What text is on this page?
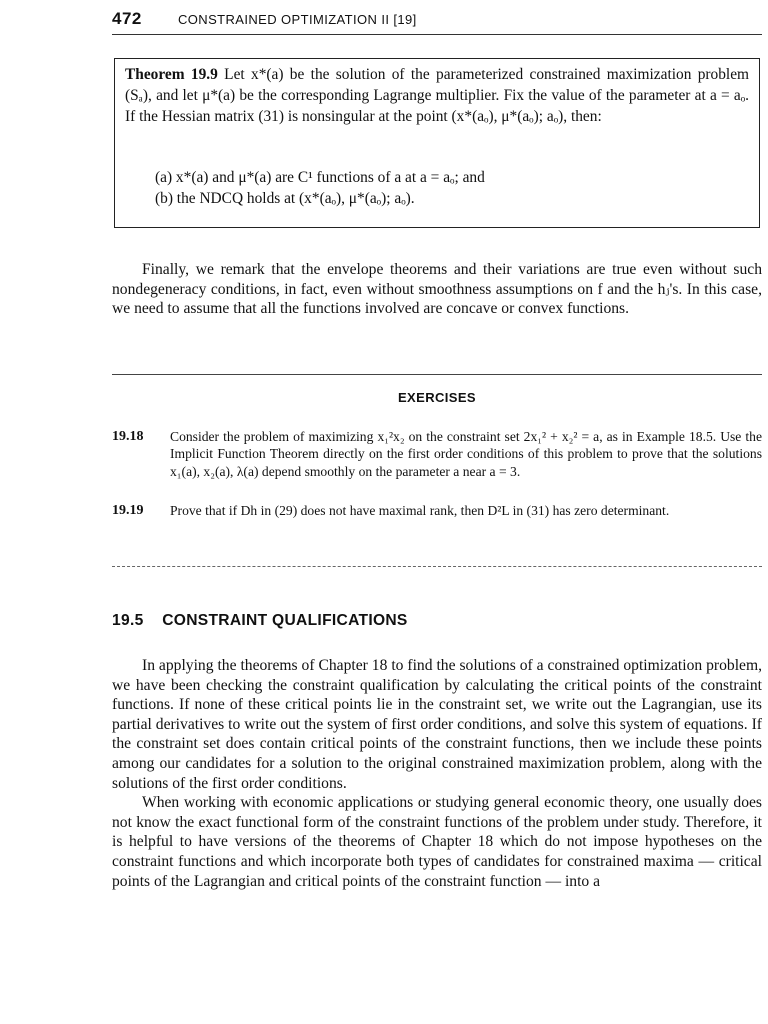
472	CONSTRAINED OPTIMIZATION II [19]
Theorem 19.9 Let x*(a) be the solution of the parameterized constrained maximization problem (Sₐ), and let μ*(a) be the corresponding Lagrange multiplier. Fix the value of the parameter at a = aₒ. If the Hessian matrix (31) is nonsingular at the point (x*(aₒ), μ*(aₒ); aₒ), then:
(a) x*(a) and μ*(a) are C¹ functions of a at a = aₒ; and
(b) the NDCQ holds at (x*(aₒ), μ*(aₒ); aₒ).

Finally, we remark that the envelope theorems and their variations are true even without such nondegeneracy conditions, in fact, even without smoothness assumptions on f and the hⱼ's. In this case, we need to assume that all the functions involved are concave or convex functions.

EXERCISES
19.18 Consider the problem of maximizing x₁²x₂ on the constraint set 2x₁² + x₂² = a, as in Example 18.5. Use the Implicit Function Theorem directly on the first order conditions of this problem to prove that the solutions x₁(a), x₂(a), λ(a) depend smoothly on the parameter a near a = 3.
19.19 Prove that if Dh in (29) does not have maximal rank, then D²L in (31) has zero determinant.
19.5 CONSTRAINT QUALIFICATIONS

In applying the theorems of Chapter 18 to find the solutions of a constrained optimization problem, we have been checking the constraint qualification by calculating the critical points of the constraint functions. If none of these critical points lie in the constraint set, we write out the Lagrangian, use its partial derivatives to write out the system of first order conditions, and solve this system of equations. If the constraint set does contain critical points of the constraint functions, then we include these points among our candidates for a solution to the original constrained maximization problem, along with the solutions of the first order conditions.

When working with economic applications or studying general economic theory, one usually does not know the exact functional form of the constraint functions of the problem under study. Therefore, it is helpful to have versions of the theorems of Chapter 18 which do not impose hypotheses on the constraint functions and which incorporate both types of candidates for constrained maxima — critical points of the Lagrangian and critical points of the constraint function — into a
